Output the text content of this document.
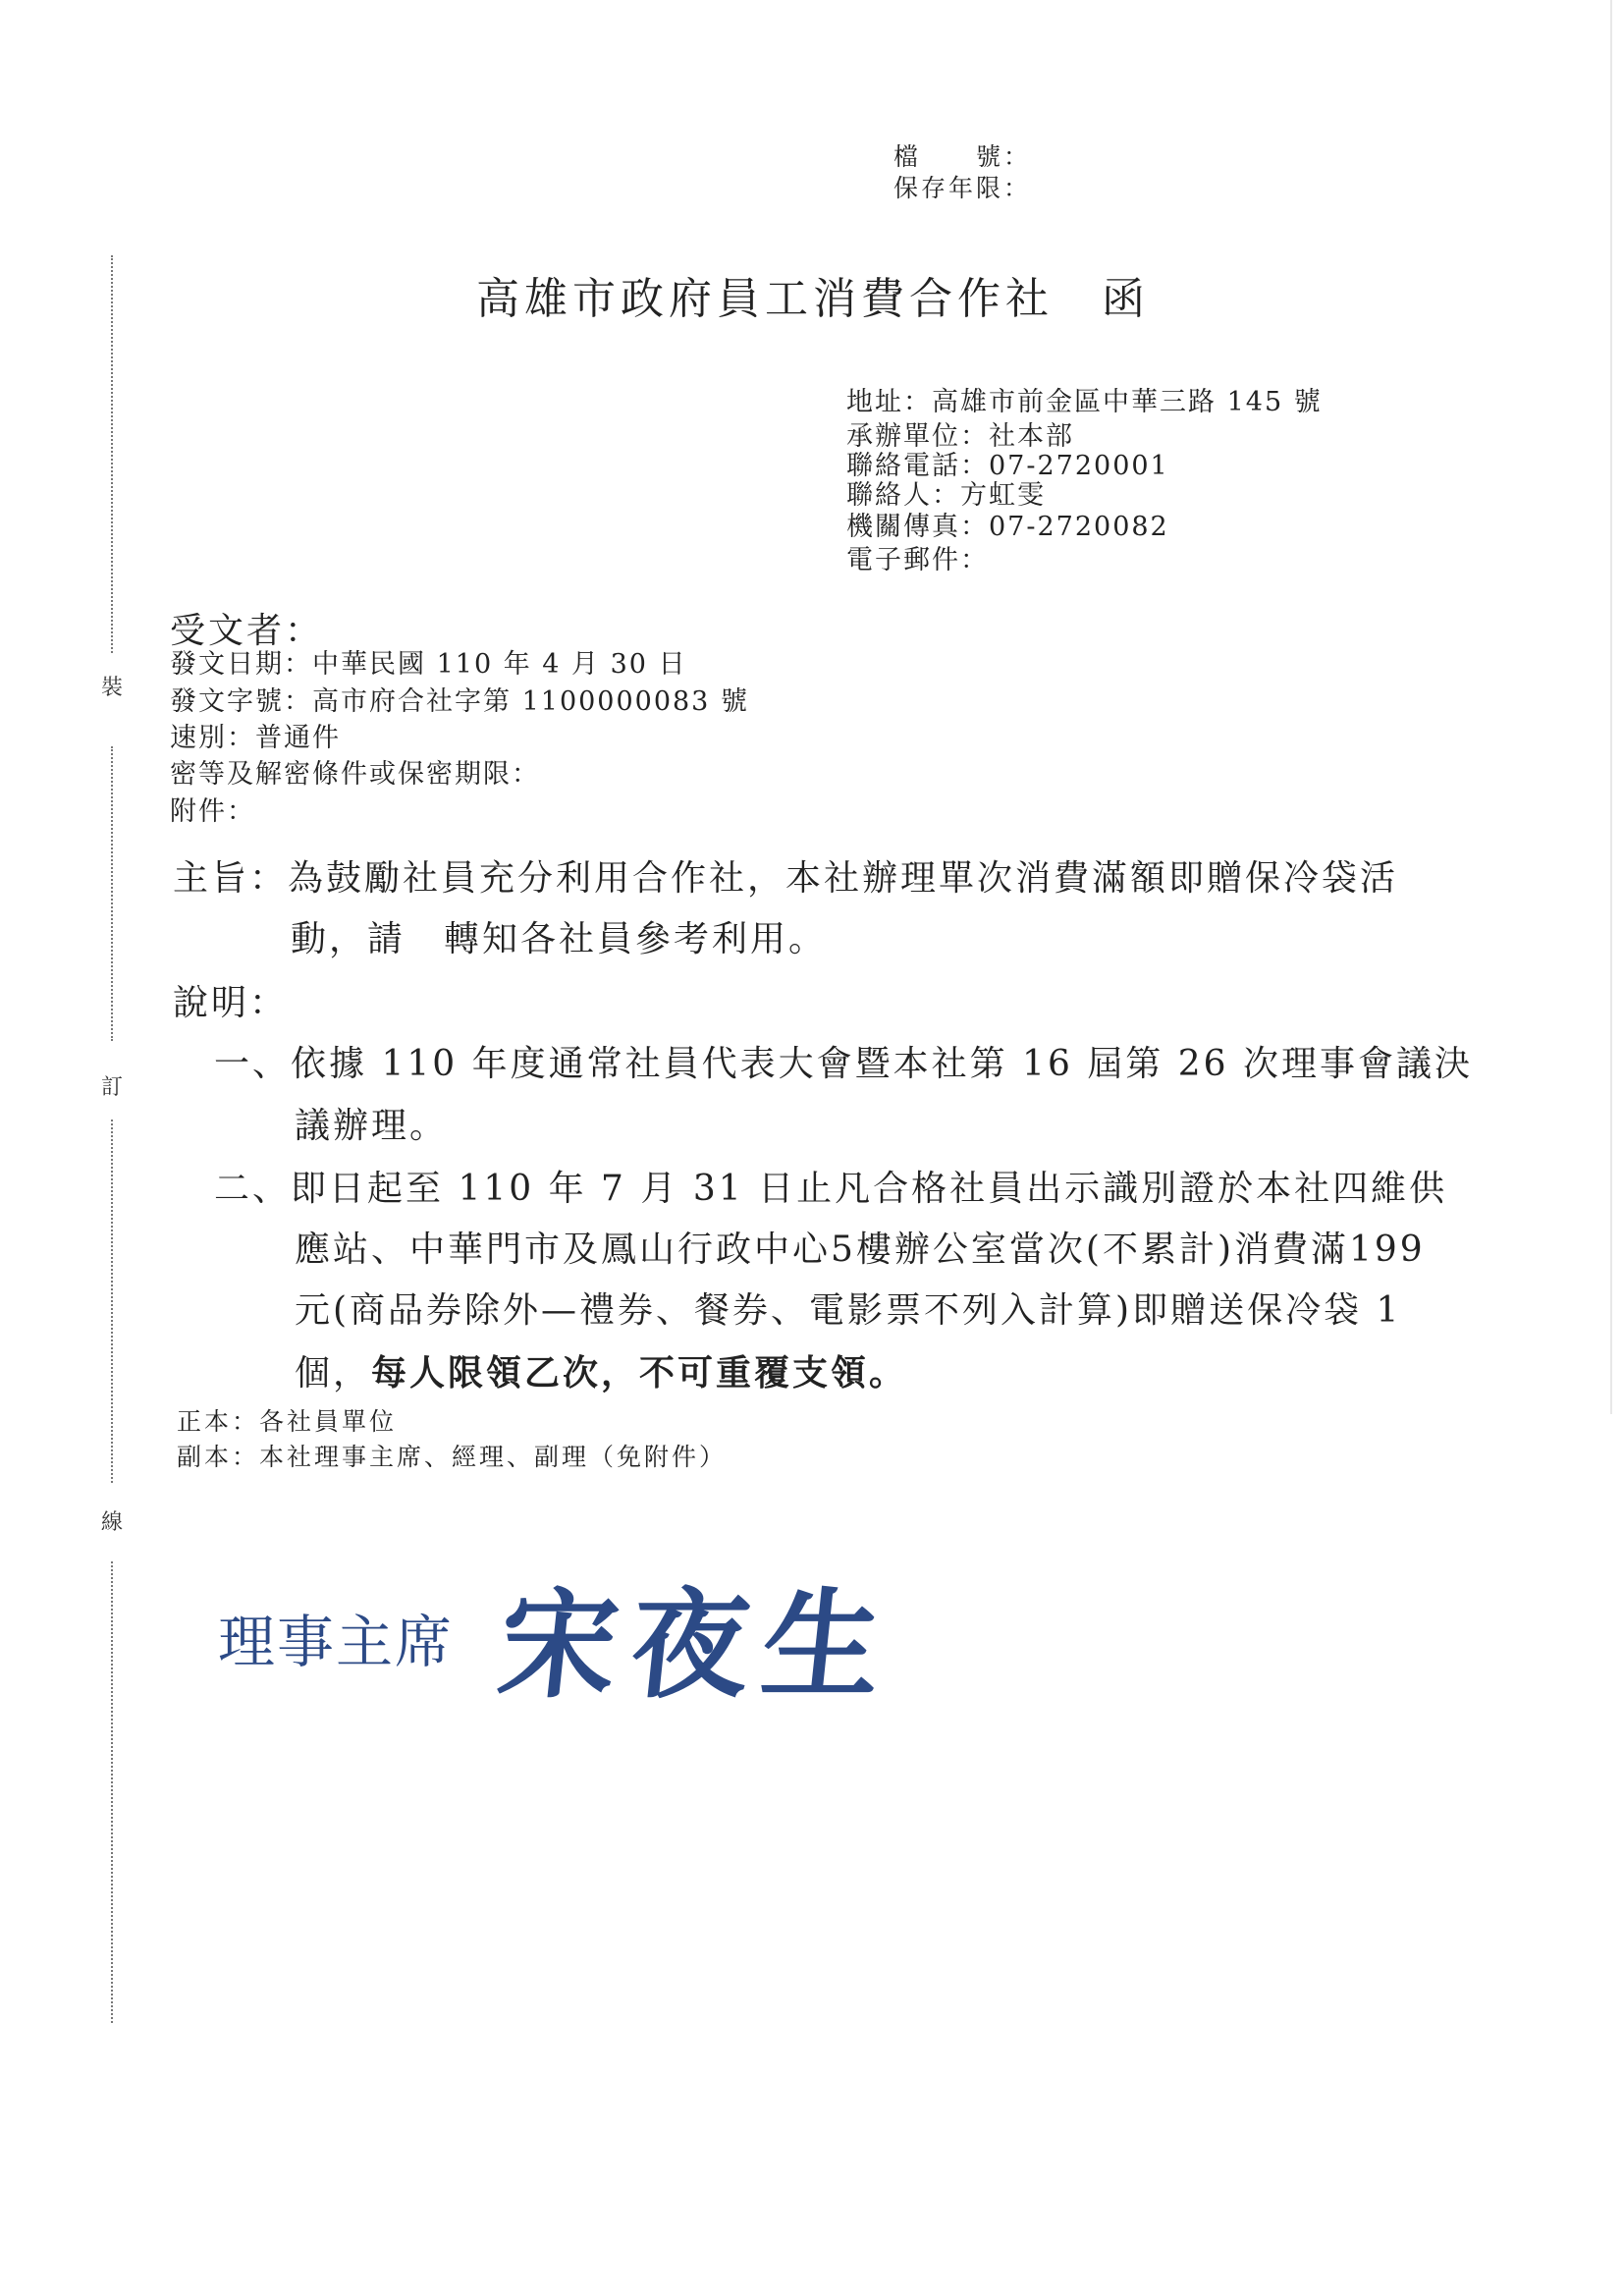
裝
訂
線
檔　　號：
保存年限：
高雄市政府員工消費合作社　函
地址：高雄市前金區中華三路 145 號
承辦單位：社本部
聯絡電話：07-2720001
聯絡人：方虹雯
機關傳真：07-2720082
電子郵件：
受文者：
發文日期：中華民國 110 年 4 月 30 日
發文字號：高市府合社字第 1100000083 號
速別：普通件
密等及解密條件或保密期限：
附件：
主旨：為鼓勵社員充分利用合作社，本社辦理單次消費滿額即贈保冷袋活
動，請　轉知各社員參考利用。
說明：
一、依據 110 年度通常社員代表大會暨本社第 16 屆第 26 次理事會議決
議辦理。
二、即日起至 110 年 7 月 31 日止凡合格社員出示識別證於本社四維供
應站、中華門市及鳳山行政中心5樓辦公室當次(不累計)消費滿199
元(商品券除外—禮券、餐券、電影票不列入計算)即贈送保冷袋 1
個，每人限領乙次，不可重覆支領。
正本：各社員單位
副本：本社理事主席、經理、副理（免附件）
理事主席 宋夜生
